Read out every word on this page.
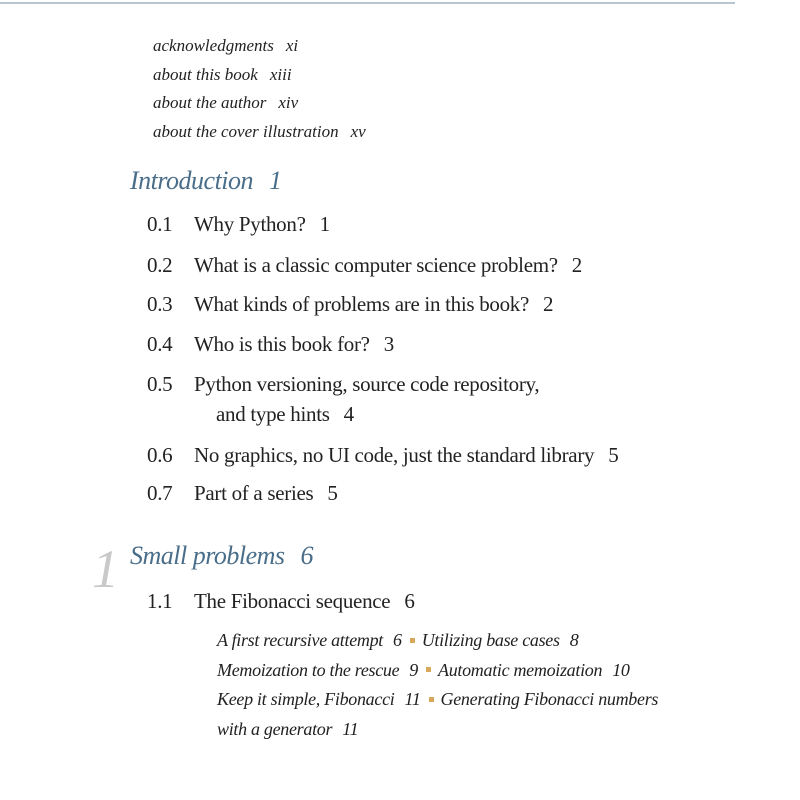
acknowledgments xi
about this book xiii
about the author xiv
about the cover illustration xv
Introduction 1
0.1 Why Python? 1
0.2 What is a classic computer science problem? 2
0.3 What kinds of problems are in this book? 2
0.4 Who is this book for? 3
0.5 Python versioning, source code repository,
and type hints 4
0.6 No graphics, no UI code, just the standard library 5
0.7 Part of a series 5
1 Small problems 6
1.1 The Fibonacci sequence 6
A first recursive attempt 6 Utilizing base cases 8
Memoization to the rescue 9 Automatic memoization 10
Keep it simple, Fibonacci 11 Generating Fibonacci numbers
with a generator 11
